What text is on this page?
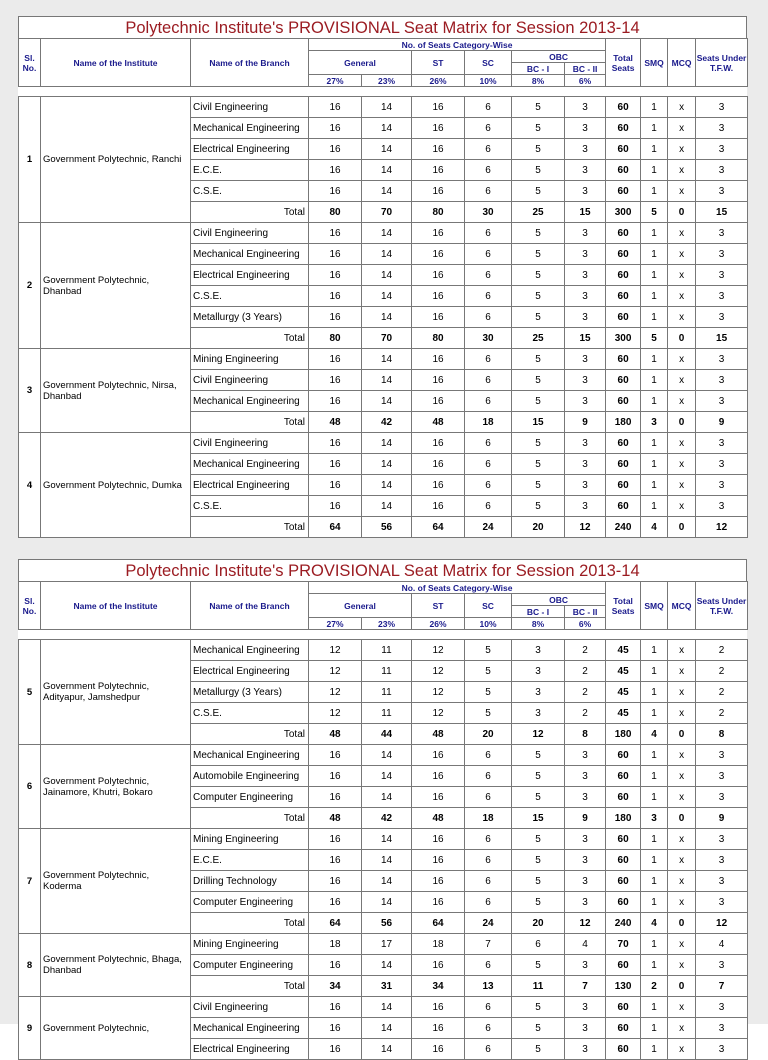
Polytechnic Institute's PROVISIONAL Seat Matrix for Session 2013-14
Sl. No.	Name of the Institute	Name of the Branch	No. of Seats Category-Wise						Total Seats	SMQ	MCQ	Seats Under T.F.W.
			General		ST	SC	OBC					
							BC - I	BC - II				
			27%	23%	26%	10%	8%	6%				

1	Government Polytechnic, Ranchi	Civil Engineering	16	14	16	6	5	3	60	1	x	3
		Mechanical Engineering	16	14	16	6	5	3	60	1	x	3
		Electrical Engineering	16	14	16	6	5	3	60	1	x	3
		E.C.E.	16	14	16	6	5	3	60	1	x	3
		C.S.E.	16	14	16	6	5	3	60	1	x	3
		Total	80	70	80	30	25	15	300	5	0	15
2	Government Polytechnic, Dhanbad	Civil Engineering	16	14	16	6	5	3	60	1	x	3
		Mechanical Engineering	16	14	16	6	5	3	60	1	x	3
		Electrical Engineering	16	14	16	6	5	3	60	1	x	3
		C.S.E.	16	14	16	6	5	3	60	1	x	3
		Metallurgy (3 Years)	16	14	16	6	5	3	60	1	x	3
		Total	80	70	80	30	25	15	300	5	0	15
3	Government Polytechnic, Nirsa, Dhanbad	Mining Engineering	16	14	16	6	5	3	60	1	x	3
		Civil Engineering	16	14	16	6	5	3	60	1	x	3
		Mechanical Engineering	16	14	16	6	5	3	60	1	x	3
		Total	48	42	48	18	15	9	180	3	0	9
4	Government Polytechnic, Dumka	Civil Engineering	16	14	16	6	5	3	60	1	x	3
		Mechanical Engineering	16	14	16	6	5	3	60	1	x	3
		Electrical Engineering	16	14	16	6	5	3	60	1	x	3
		C.S.E.	16	14	16	6	5	3	60	1	x	3
		Total	64	56	64	24	20	12	240	4	0	12
Polytechnic Institute's PROVISIONAL Seat Matrix for Session 2013-14
Sl. No.	Name of the Institute	Name of the Branch	No. of Seats Category-Wise						Total Seats	SMQ	MCQ	Seats Under T.F.W.
			General		ST	SC	OBC					
							BC - I	BC - II				
			27%	23%	26%	10%	8%	6%				

5	Government Polytechnic, Adityapur, Jamshedpur	Mechanical Engineering	12	11	12	5	3	2	45	1	x	2
		Electrical Engineering	12	11	12	5	3	2	45	1	x	2
		Metallurgy (3 Years)	12	11	12	5	3	2	45	1	x	2
		C.S.E.	12	11	12	5	3	2	45	1	x	2
		Total	48	44	48	20	12	8	180	4	0	8
6	Government Polytechnic, Jainamore, Khutri, Bokaro	Mechanical Engineering	16	14	16	6	5	3	60	1	x	3
		Automobile Engineering	16	14	16	6	5	3	60	1	x	3
		Computer Engineering	16	14	16	6	5	3	60	1	x	3
		Total	48	42	48	18	15	9	180	3	0	9
7	Government Polytechnic, Koderma	Mining Engineering	16	14	16	6	5	3	60	1	x	3
		E.C.E.	16	14	16	6	5	3	60	1	x	3
		Drilling Technology	16	14	16	6	5	3	60	1	x	3
		Computer Engineering	16	14	16	6	5	3	60	1	x	3
		Total	64	56	64	24	20	12	240	4	0	12
8	Government Polytechnic, Bhaga, Dhanbad	Mining Engineering	18	17	18	7	6	4	70	1	x	4
		Computer Engineering	16	14	16	6	5	3	60	1	x	3
		Total	34	31	34	13	11	7	130	2	0	7
9	Government Polytechnic,	Civil Engineering	16	14	16	6	5	3	60	1	x	3
		Mechanical Engineering	16	14	16	6	5	3	60	1	x	3
		Electrical Engineering	16	14	16	6	5	3	60	1	x	3
